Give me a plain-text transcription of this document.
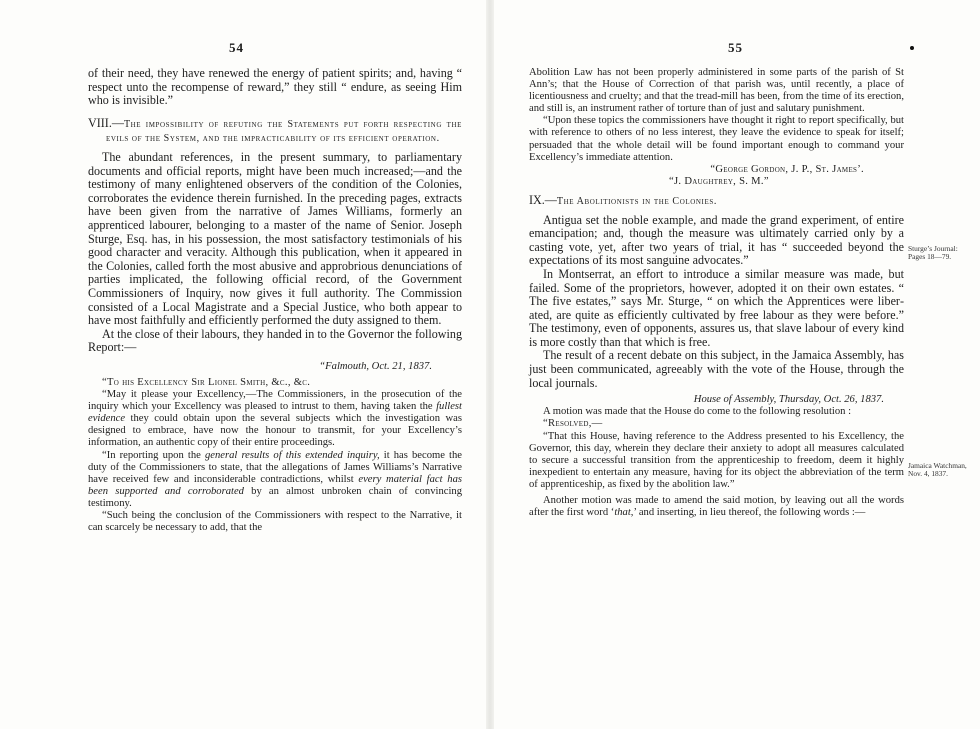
54

of their need, they have renewed the energy of patient spirits; and, having “ respect unto the recompense of reward,” they still “ endure, as seeing Him who is invisible.”

VIII.—The impossibility of refuting the Statements put forth respecting the evils of the System, and the impracticability of its efficient operation.

The abundant references, in the present summary, to parliamentary documents and official reports, might have been much increased;—and the testimony of many enlightened observers of the condition of the Colonies, corroborates the evidence therein furnished. In the preceding pages, extracts have been given from the narrative of James Williams, formerly an apprenticed labourer, belonging to a master of the name of Senior. Joseph Sturge, Esq. has, in his possession, the most satisfactory testimonials of his good character and veracity. Although this publication, when it appeared in the Colonies, called forth the most abusive and approbrious denunciations of parties implicated, the following official record, of the Government Commissioners of Inquiry, now gives it full authority. The Commission consisted of a Local Magistrate and a Special Justice, who both appear to have most faithfully and efficiently performed the duty assigned to them.

At the close of their labours, they handed in to the Governor the following Report:—

“Falmouth, Oct. 21, 1837.

“To his Excellency Sir Lionel Smith, &c., &c.

“May it please your Excellency,—The Commissioners, in the prosecution of the inquiry which your Excellency was pleased to intrust to them, having taken the fullest evidence they could obtain upon the several subjects which the investigation was designed to embrace, have now the honour to transmit, for your Excellency’s information, an authentic copy of their entire proceedings.

“In reporting upon the general results of this extended inquiry, it has become the duty of the Commissioners to state, that the allegations of James Williams’s Narrative have received few and inconsiderable contradictions, whilst every material fact has been supported and corroborated by an almost unbroken chain of convincing testimony.

“Such being the conclusion of the Commissioners with respect to the Narrative, it can scarcely be necessary to add, that the

55

Abolition Law has not been properly administered in some parts of the parish of St Ann’s; that the House of Correction of that parish was, until recently, a place of licentiousness and cruelty; and that the tread-mill has been, from the time of its erection, and still is, an instrument rather of torture than of just and salutary punishment.

“Upon these topics the commissioners have thought it right to report specifically, but with reference to others of no less interest, they leave the evidence to speak for itself; persuaded that the whole detail will be found important enough to command your Excellency’s immediate attention.

“George Gordon, J. P., St. James’.

“J. Daughtrey, S. M.”

IX.—The Abolitionists in the Colonies.

Antigua set the noble example, and made the grand experiment, of entire emancipation; and, though the measure was ultimately carried only by a casting vote, yet, after two years of trial, it has “ succeeded beyond the expectations of its most sanguine advocates.”

In Montserrat, an effort to introduce a similar measure was made, but failed. Some of the proprietors, however, adopted it on their own estates. “ The five estates,” says Mr. Sturge, “ on which the Apprentices were liberated, are quite as efficiently cultivated by free labour as they were before.” The testimony, even of opponents, assures us, that slave labour of every kind is more costly than that which is free.

The result of a recent debate on this subject, in the Jamaica Assembly, has just been communicated, agreeably with the vote of the House, through the local journals.

House of Assembly, Thursday, Oct. 26, 1837.

A motion was made that the House do come to the following resolution :

“Resolved,—

“That this House, having reference to the Address presented to his Excellency, the Governor, this day, wherein they declare their anxiety to adopt all measures calculated to secure a successful transition from the apprenticeship to freedom, deem it highly inexpedient to entertain any measure, having for its object the abbreviation of the term of apprenticeship, as fixed by the abolition law.”

Another motion was made to amend the said motion, by leaving out all the words after the first word ‘that,’ and inserting, in lieu thereof, the following words :—

Sturge’s Journal: Pages 18—79.
Jamaica Watchman, Nov. 4, 1837.
